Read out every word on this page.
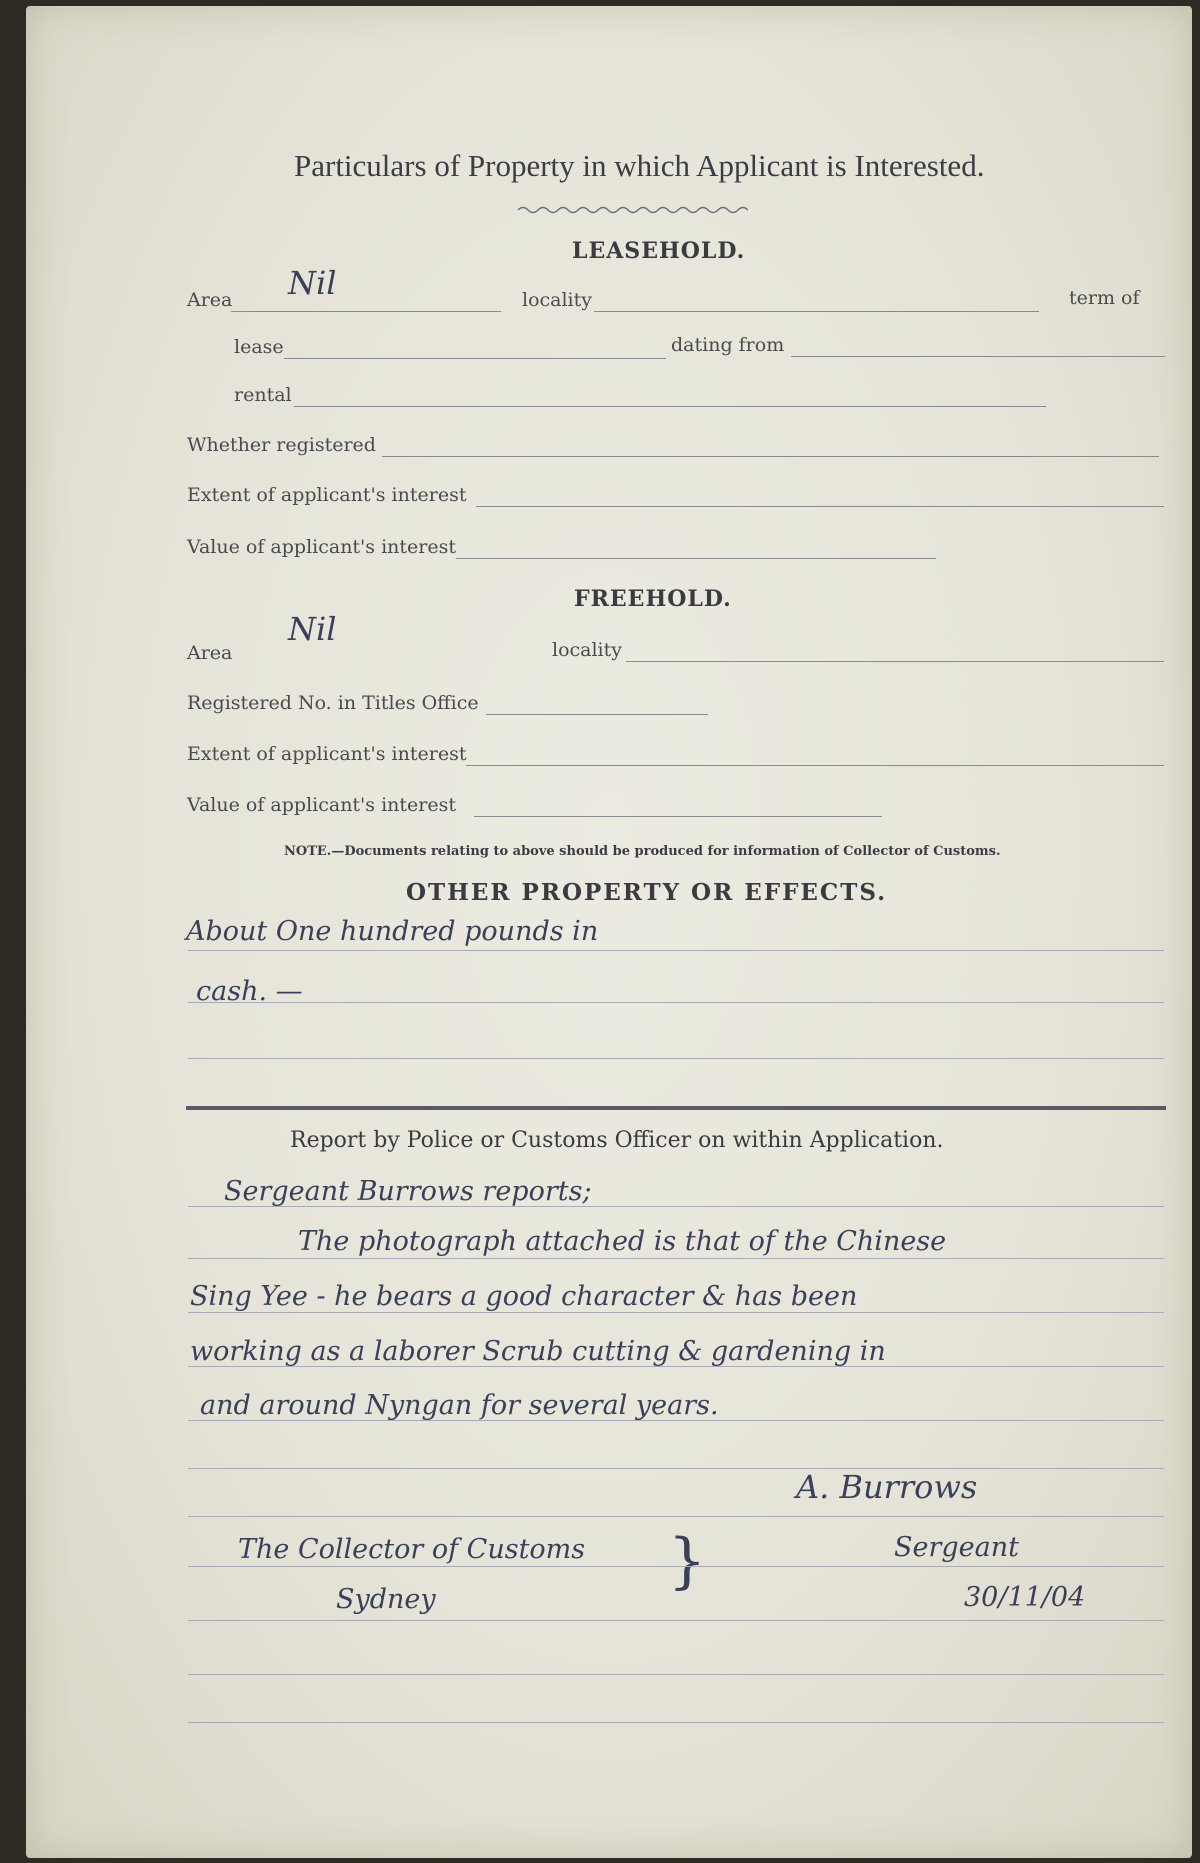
Particulars of Property in which Applicant is Interested.
LEASEHOLD.
Area Nil	locality	term of
lease	dating from
rental
Whether registered
Extent of applicant's interest
Value of applicant's interest
FREEHOLD.
Area
Nil
locality
Registered No. in Titles Office
Extent of applicant's interest
Value of applicant's interest
NOTE.—Documents relating to above should be produced for information of Collector of Customs.
OTHER PROPERTY OR EFFECTS.
About One hundred pounds in
cash. —
Report by Police or Customs Officer on within Application.
Sergeant Burrows reports;
The photograph attached is that of the Chinese
Sing Yee - he bears a good character & has been
working as a laborer Scrub cutting & gardening in
and around Nyngan for several years.
A. Burrows
The Collector of Customs }	Sergeant
Sydney	30/11/04
